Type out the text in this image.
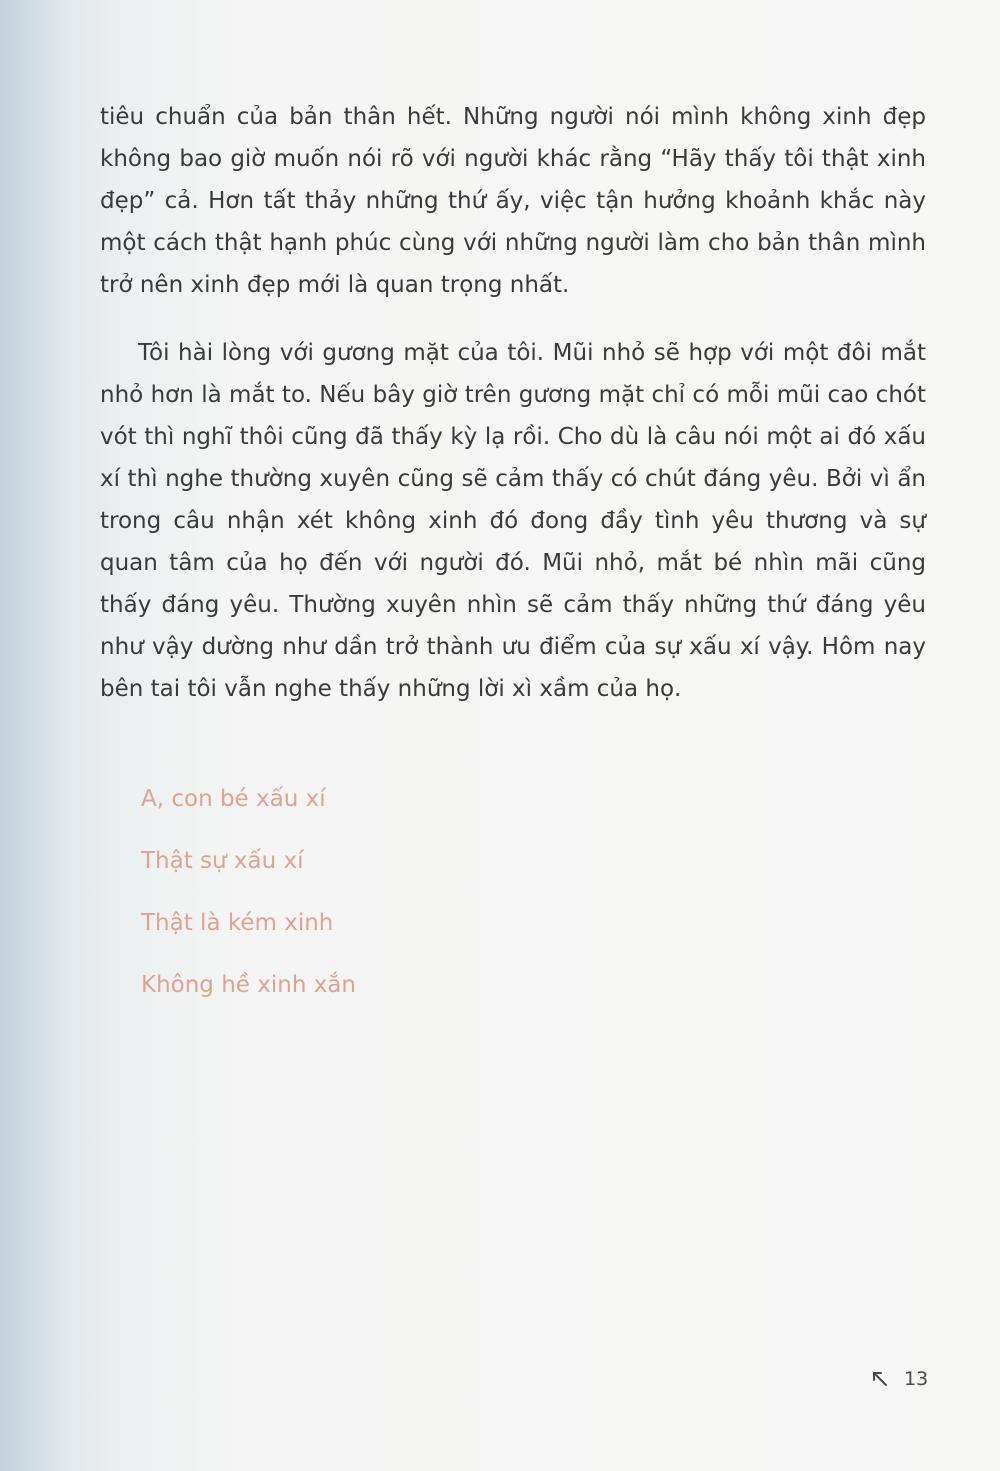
tiêu chuẩn của bản thân hết. Những người nói mình không xinh đẹp không bao giờ muốn nói rõ với người khác rằng “Hãy thấy tôi thật xinh đẹp” cả. Hơn tất thảy những thứ ấy, việc tận hưởng khoảnh khắc này một cách thật hạnh phúc cùng với những người làm cho bản thân mình trở nên xinh đẹp mới là quan trọng nhất.

Tôi hài lòng với gương mặt của tôi. Mũi nhỏ sẽ hợp với một đôi mắt nhỏ hơn là mắt to. Nếu bây giờ trên gương mặt chỉ có mỗi mũi cao chót vót thì nghĩ thôi cũng đã thấy kỳ lạ rồi. Cho dù là câu nói một ai đó xấu xí thì nghe thường xuyên cũng sẽ cảm thấy có chút đáng yêu. Bởi vì ẩn trong câu nhận xét không xinh đó đong đầy tình yêu thương và sự quan tâm của họ đến với người đó. Mũi nhỏ, mắt bé nhìn mãi cũng thấy đáng yêu. Thường xuyên nhìn sẽ cảm thấy những thứ đáng yêu như vậy dường như dần trở thành ưu điểm của sự xấu xí vậy. Hôm nay bên tai tôi vẫn nghe thấy những lời xì xầm của họ.

A, con bé xấu xí
Thật sự xấu xí
Thật là kém xinh
Không hề xinh xắn
13
